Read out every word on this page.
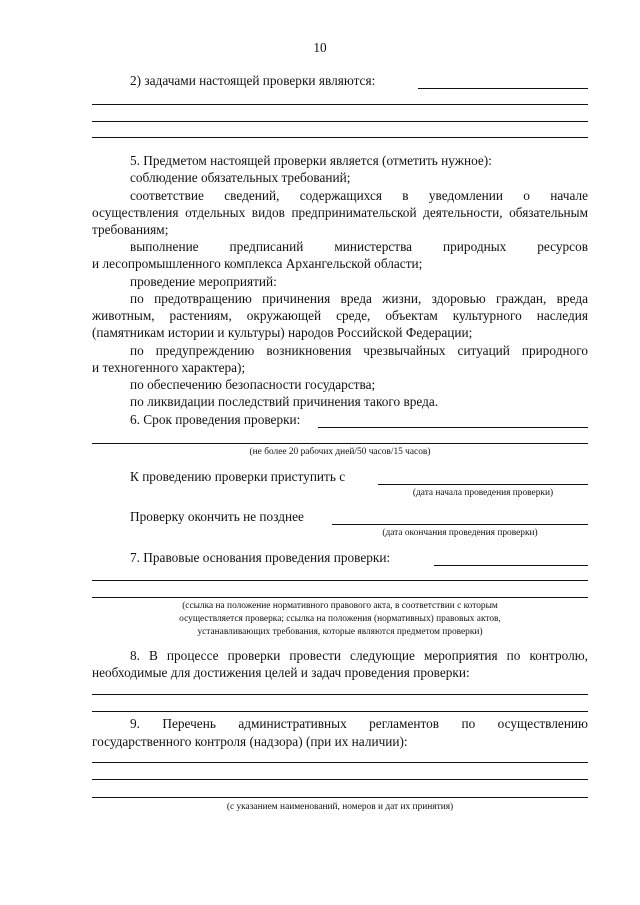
10
2) задачами настоящей проверки являются:
5. Предметом настоящей проверки является (отметить нужное):
соблюдение обязательных требований;
соответствие сведений, содержащихся в уведомлении о начале
осуществления отдельных видов предпринимательской деятельности, обязательным
требованиям;
выполнение предписаний министерства природных ресурсов
и лесопромышленного комплекса Архангельской области;
проведение мероприятий:
по предотвращению причинения вреда жизни, здоровью граждан, вреда
животным, растениям, окружающей среде, объектам культурного наследия
(памятникам истории и культуры) народов Российской Федерации;
по предупреждению возникновения чрезвычайных ситуаций природного
и техногенного характера);
по обеспечению безопасности государства;
по ликвидации последствий причинения такого вреда.
6. Срок проведения проверки:
(не более 20 рабочих дней/50 часов/15 часов)
К проведению проверки приступить с
(дата начала проведения проверки)
Проверку окончить не позднее
(дата окончания проведения проверки)
7. Правовые основания проведения проверки:
(ссылка на положение нормативного правового акта, в соответствии с которым
осуществляется проверка; ссылка на положения (нормативных) правовых актов,
устанавливающих требования, которые являются предметом проверки)
8. В процессе проверки провести следующие мероприятия по контролю,
необходимые для достижения целей и задач проведения проверки:
9. Перечень административных регламентов по осуществлению
государственного контроля (надзора) (при их наличии):
(с указанием наименований, номеров и дат их принятия)
